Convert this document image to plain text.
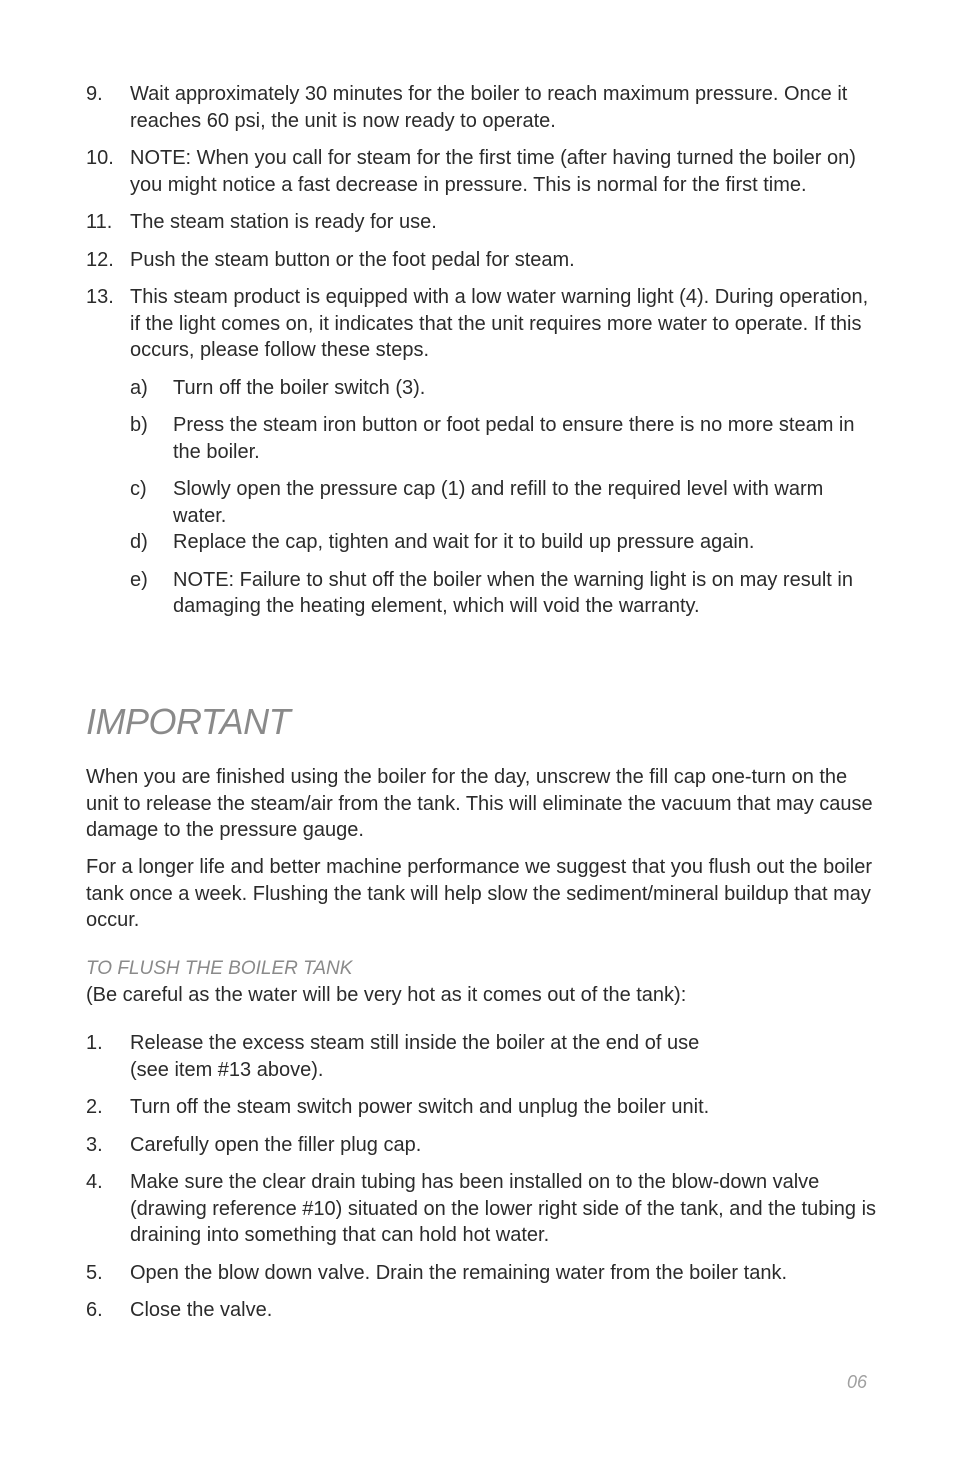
9. Wait approximately 30 minutes for the boiler to reach maximum pressure. Once it reaches 60 psi, the unit is now ready to operate.
10. NOTE: When you call for steam for the first time (after having turned the boiler on) you might notice a fast decrease in pressure. This is normal for the first time.
11. The steam station is ready for use.
12. Push the steam button or the foot pedal for steam.
13. This steam product is equipped with a low water warning light (4). During operation, if the light comes on, it indicates that the unit requires more water to operate. If this occurs, please follow these steps.
a) Turn off the boiler switch (3).
b) Press the steam iron button or foot pedal to ensure there is no more steam in the boiler.
c) Slowly open the pressure cap (1) and refill to the required level with warm water.
d) Replace the cap, tighten and wait for it to build up pressure again.
e) NOTE: Failure to shut off the boiler when the warning light is on may result in damaging the heating element, which will void the warranty.
IMPORTANT

When you are finished using the boiler for the day, unscrew the fill cap one-turn on the unit to release the steam/air from the tank. This will eliminate the vacuum that may cause damage to the pressure gauge.

For a longer life and better machine performance we suggest that you flush out the boiler tank once a week. Flushing the tank will help slow the sediment/mineral buildup that may occur.

TO FLUSH THE BOILER TANK

(Be careful as the water will be very hot as it comes out of the tank):

1. Release the excess steam still inside the boiler at the end of use
(see item #13 above).
2. Turn off the steam switch power switch and unplug the boiler unit.
3. Carefully open the filler plug cap.
4. Make sure the clear drain tubing has been installed on to the blow-down valve (drawing reference #10) situated on the lower right side of the tank, and the tubing is draining into something that can hold hot water.
5. Open the blow down valve. Drain the remaining water from the boiler tank.
6. Close the valve.
06
